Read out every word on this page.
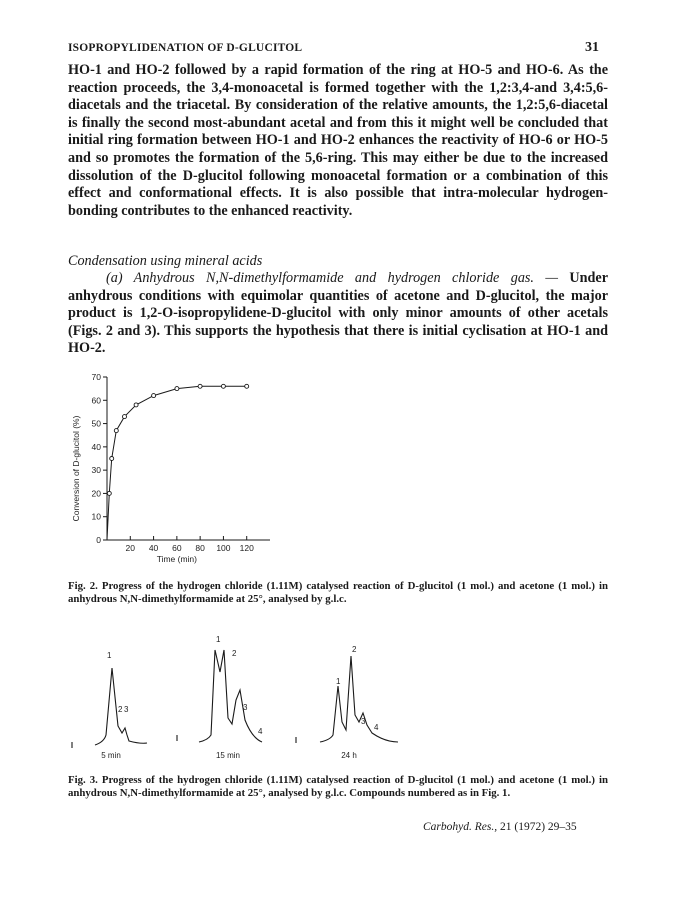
ISOPROPYLIDENATION OF D-GLUCITOL	31

HO-1 and HO-2 followed by a rapid formation of the ring at HO-5 and HO-6. As the reaction proceeds, the 3,4-monoacetal is formed together with the 1,2:3,4-and 3,4:5,6-diacetals and the triacetal. By consideration of the relative amounts, the 1,2:5,6-diacetal is finally the second most-abundant acetal and from this it might well be concluded that initial ring formation between HO-1 and HO-2 enhances the reactivity of HO-6 or HO-5 and so promotes the formation of the 5,6-ring. This may either be due to the increased dissolution of the D-glucitol following monoacetal formation or a combination of this effect and conformational effects. It is also possible that intra-molecular hydrogen-bonding contributes to the enhanced reactivity.

Condensation using mineral acids

(a) Anhydrous N,N-dimethylformamide and hydrogen chloride gas. — Under anhydrous conditions with equimolar quantities of acetone and D-glucitol, the major product is 1,2-O-isopropylidene-D-glucitol with only minor amounts of other acetals (Figs. 2 and 3). This supports the hypothesis that there is initial cyclisation at HO-1 and HO-2.

0
10
20
30
40
50
60
70
20 40 60 80 100 120
Time (min)
Conversion of D-glucitol (%)

Fig. 2. Progress of the hydrogen chloride (1.11M) catalysed reaction of D-glucitol (1 mol.) and acetone (1 mol.) in anhydrous N,N-dimethylformamide at 25°, analysed by g.l.c.

1
2 3
1
2
3
4
1
2
3
4
5 min	15 min	24 h

Fig. 3. Progress of the hydrogen chloride (1.11M) catalysed reaction of D-glucitol (1 mol.) and acetone (1 mol.) in anhydrous N,N-dimethylformamide at 25°, analysed by g.l.c. Compounds numbered as in Fig. 1.

Carbohyd. Res., 21 (1972) 29–35
